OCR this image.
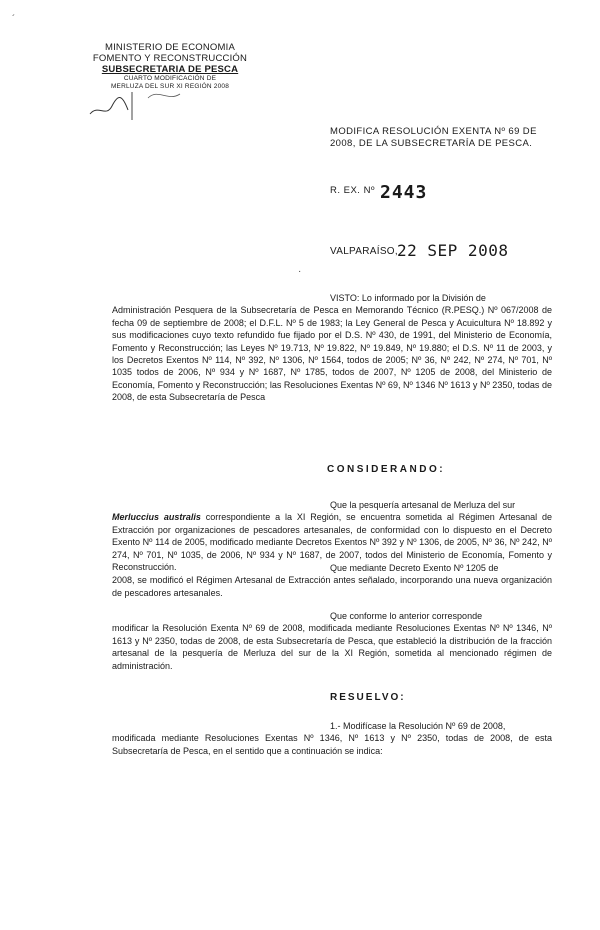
´
MINISTERIO DE ECONOMIA
FOMENTO Y RECONSTRUCCIÓN
SUBSECRETARIA DE PESCA
CUARTO MODIFICACIÓN DE
MERLUZA DEL SUR XI REGIÓN 2008
MODIFICA RESOLUCIÓN EXENTA Nº 69 DE
2008, DE LA SUBSECRETARÍA DE PESCA.
R. EX. Nº 2443
VALPARAÍSO, 22 SEP 2008
·
VISTO: Lo informado por la División de
Administración Pesquera de la Subsecretaría de Pesca en Memorando Técnico (R.PESQ.) Nº 067/2008 de fecha 09 de septiembre de 2008; el D.F.L. Nº 5 de 1983; la Ley General de Pesca y Acuicultura Nº 18.892 y sus modificaciones cuyo texto refundido fue fijado por el D.S. Nº 430, de 1991, del Ministerio de Economía, Fomento y Reconstrucción; las Leyes Nº 19.713, Nº 19.822, Nº 19.849, Nº 19.880; el D.S. Nº 11 de 2003, y los Decretos Exentos Nº 114, Nº 392, Nº 1306, Nº 1564, todos de 2005; Nº 36, Nº 242, Nº 274, Nº 701, Nº 1035 todos de 2006, Nº 934 y Nº 1687, Nº 1785, todos de 2007, Nº 1205 de 2008, del Ministerio de Economía, Fomento y Reconstrucción; las Resoluciones Exentas Nº 69, Nº 1346 Nº 1613 y Nº 2350, todas de 2008, de esta Subsecretaría de Pesca
CONSIDERANDO:
Que la pesquería artesanal de Merluza del sur
Merluccius australis correspondiente a la XI Región, se encuentra sometida al Régimen Artesanal de Extracción por organizaciones de pescadores artesanales, de conformidad con lo dispuesto en el Decreto Exento Nº 114 de 2005, modificado mediante Decretos Exentos Nº 392 y Nº 1306, de 2005, Nº 36, Nº 242, Nº 274, Nº 701, Nº 1035, de 2006, Nº 934 y Nº 1687, de 2007, todos del Ministerio de Economía, Fomento y Reconstrucción.	Que mediante Decreto Exento Nº 1205 de
2008, se modificó el Régimen Artesanal de Extracción antes señalado, incorporando una nueva organización de pescadores artesanales.
Que conforme lo anterior corresponde
modificar la Resolución Exenta Nº 69 de 2008, modificada mediante Resoluciones Exentas Nº Nº 1346, Nº 1613 y Nº 2350, todas de 2008, de esta Subsecretaría de Pesca, que estableció la distribución de la fracción artesanal de la pesquería de Merluza del sur de la XI Región, sometida al mencionado régimen de administración.
RESUELVO:
1.- Modifícase la Resolución Nº 69 de 2008,
modificada mediante Resoluciones Exentas Nº 1346, Nº 1613 y Nº 2350, todas de 2008, de esta Subsecretaría de Pesca, en el sentido que a continuación se indica:
